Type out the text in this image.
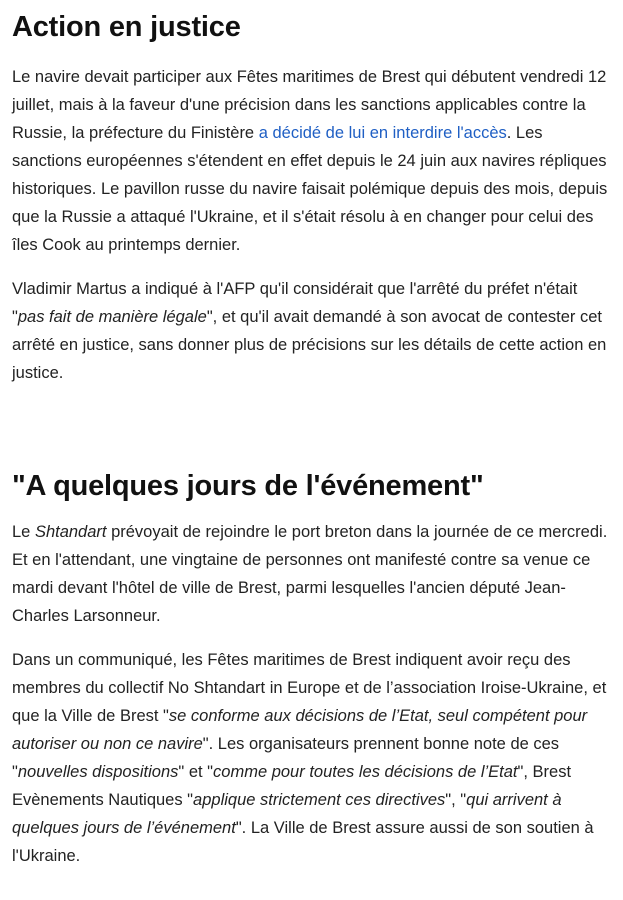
Action en justice

Le navire devait participer aux Fêtes maritimes de Brest qui débutent vendredi 12 juillet, mais à la faveur d'une précision dans les sanctions applicables contre la Russie, la préfecture du Finistère a décidé de lui en interdire l'accès. Les sanctions européennes s'étendent en effet depuis le 24 juin aux navires répliques historiques. Le pavillon russe du navire faisait polémique depuis des mois, depuis que la Russie a attaqué l'Ukraine, et il s'était résolu à en changer pour celui des îles Cook au printemps dernier.

Vladimir Martus a indiqué à l'AFP qu'il considérait que l'arrêté du préfet n'était "pas fait de manière légale", et qu'il avait demandé à son avocat de contester cet arrêté en justice, sans donner plus de précisions sur les détails de cette action en justice.

"A quelques jours de l'événement"

Le Shtandart prévoyait de rejoindre le port breton dans la journée de ce mercredi. Et en l'attendant, une vingtaine de personnes ont manifesté contre sa venue ce mardi devant l'hôtel de ville de Brest, parmi lesquelles l'ancien député Jean-Charles Larsonneur.

Dans un communiqué, les Fêtes maritimes de Brest indiquent avoir reçu des membres du collectif No Shtandart in Europe et de l’association Iroise-Ukraine, et que la Ville de Brest "se conforme aux décisions de l’Etat, seul compétent pour autoriser ou non ce navire". Les organisateurs prennent bonne note de ces "nouvelles dispositions" et "comme pour toutes les décisions de l’Etat", Brest Evènements Nautiques "applique strictement ces directives", "qui arrivent à quelques jours de l’événement". La Ville de Brest assure aussi de son soutien à l'Ukraine.
